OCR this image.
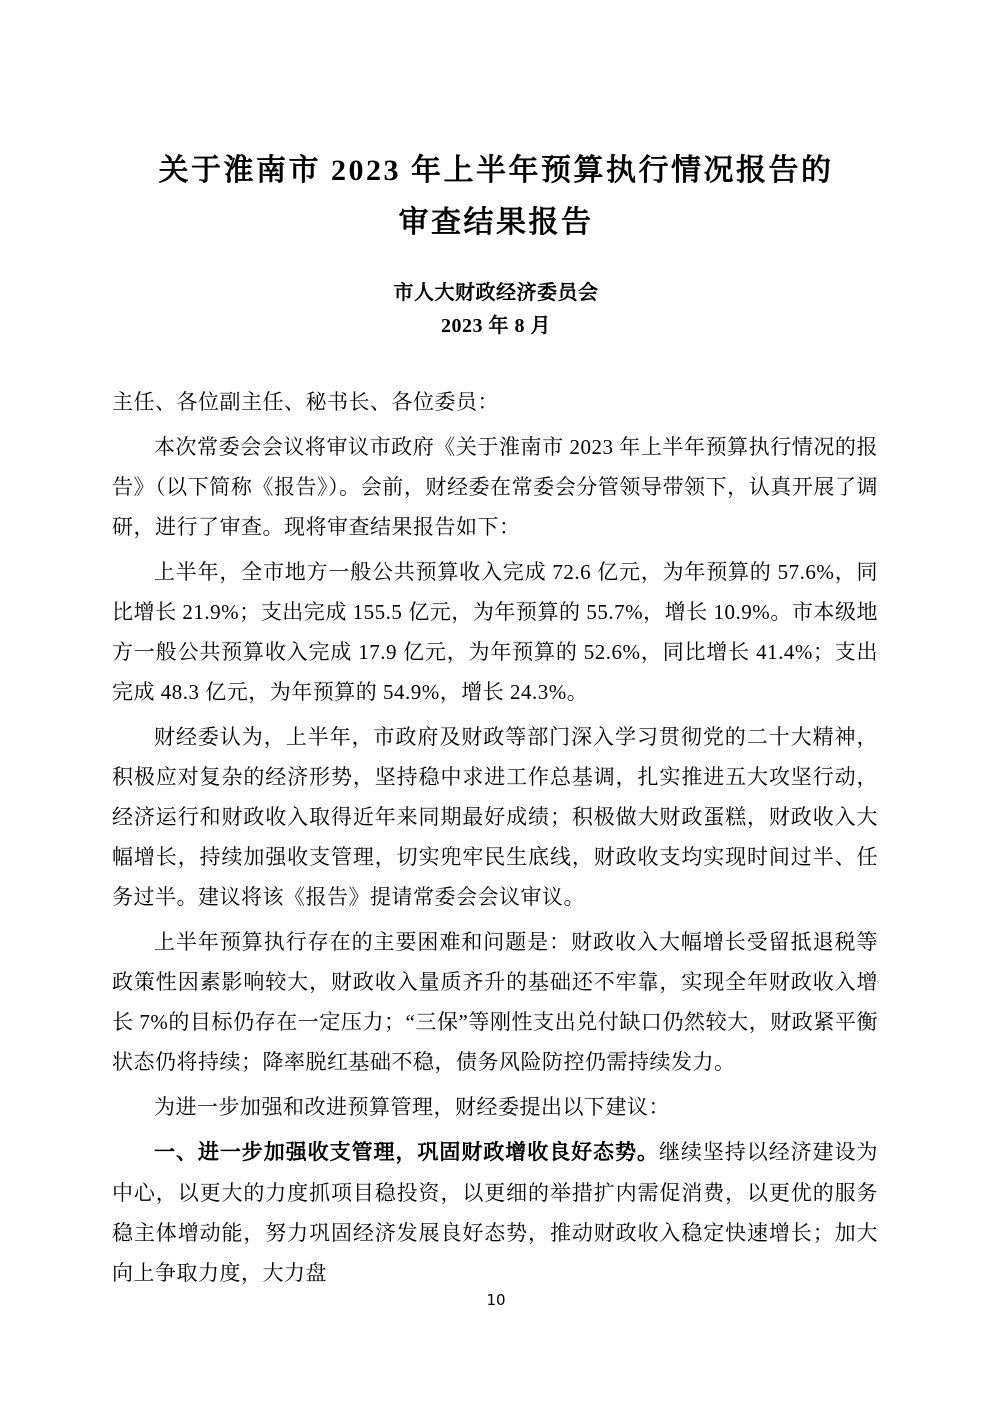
关于淮南市 2023 年上半年预算执行情况报告的
审查结果报告
市人大财政经济委员会
2023 年 8 月

主任、各位副主任、秘书长、各位委员：

本次常委会会议将审议市政府《关于淮南市 2023 年上半年预算执行情况的报告》（以下简称《报告》）。会前，财经委在常委会分管领导带领下，认真开展了调研，进行了审查。现将审查结果报告如下：

上半年，全市地方一般公共预算收入完成 72.6 亿元，为年预算的 57.6%，同比增长 21.9%；支出完成 155.5 亿元，为年预算的 55.7%，增长 10.9%。市本级地方一般公共预算收入完成 17.9 亿元，为年预算的 52.6%，同比增长 41.4%；支出完成 48.3 亿元，为年预算的 54.9%，增长 24.3%。

财经委认为，上半年，市政府及财政等部门深入学习贯彻党的二十大精神，积极应对复杂的经济形势，坚持稳中求进工作总基调，扎实推进五大攻坚行动，经济运行和财政收入取得近年来同期最好成绩；积极做大财政蛋糕，财政收入大幅增长，持续加强收支管理，切实兜牢民生底线，财政收支均实现时间过半、任务过半。建议将该《报告》提请常委会会议审议。

上半年预算执行存在的主要困难和问题是：财政收入大幅增长受留抵退税等政策性因素影响较大，财政收入量质齐升的基础还不牢靠，实现全年财政收入增长 7%的目标仍存在一定压力；“三保”等刚性支出兑付缺口仍然较大，财政紧平衡状态仍将持续；降率脱红基础不稳，债务风险防控仍需持续发力。

为进一步加强和改进预算管理，财经委提出以下建议：

一、进一步加强收支管理，巩固财政增收良好态势。继续坚持以经济建设为中心，以更大的力度抓项目稳投资，以更细的举措扩内需促消费，以更优的服务稳主体增动能，努力巩固经济发展良好态势，推动财政收入稳定快速增长；加大向上争取力度，大力盘

10
